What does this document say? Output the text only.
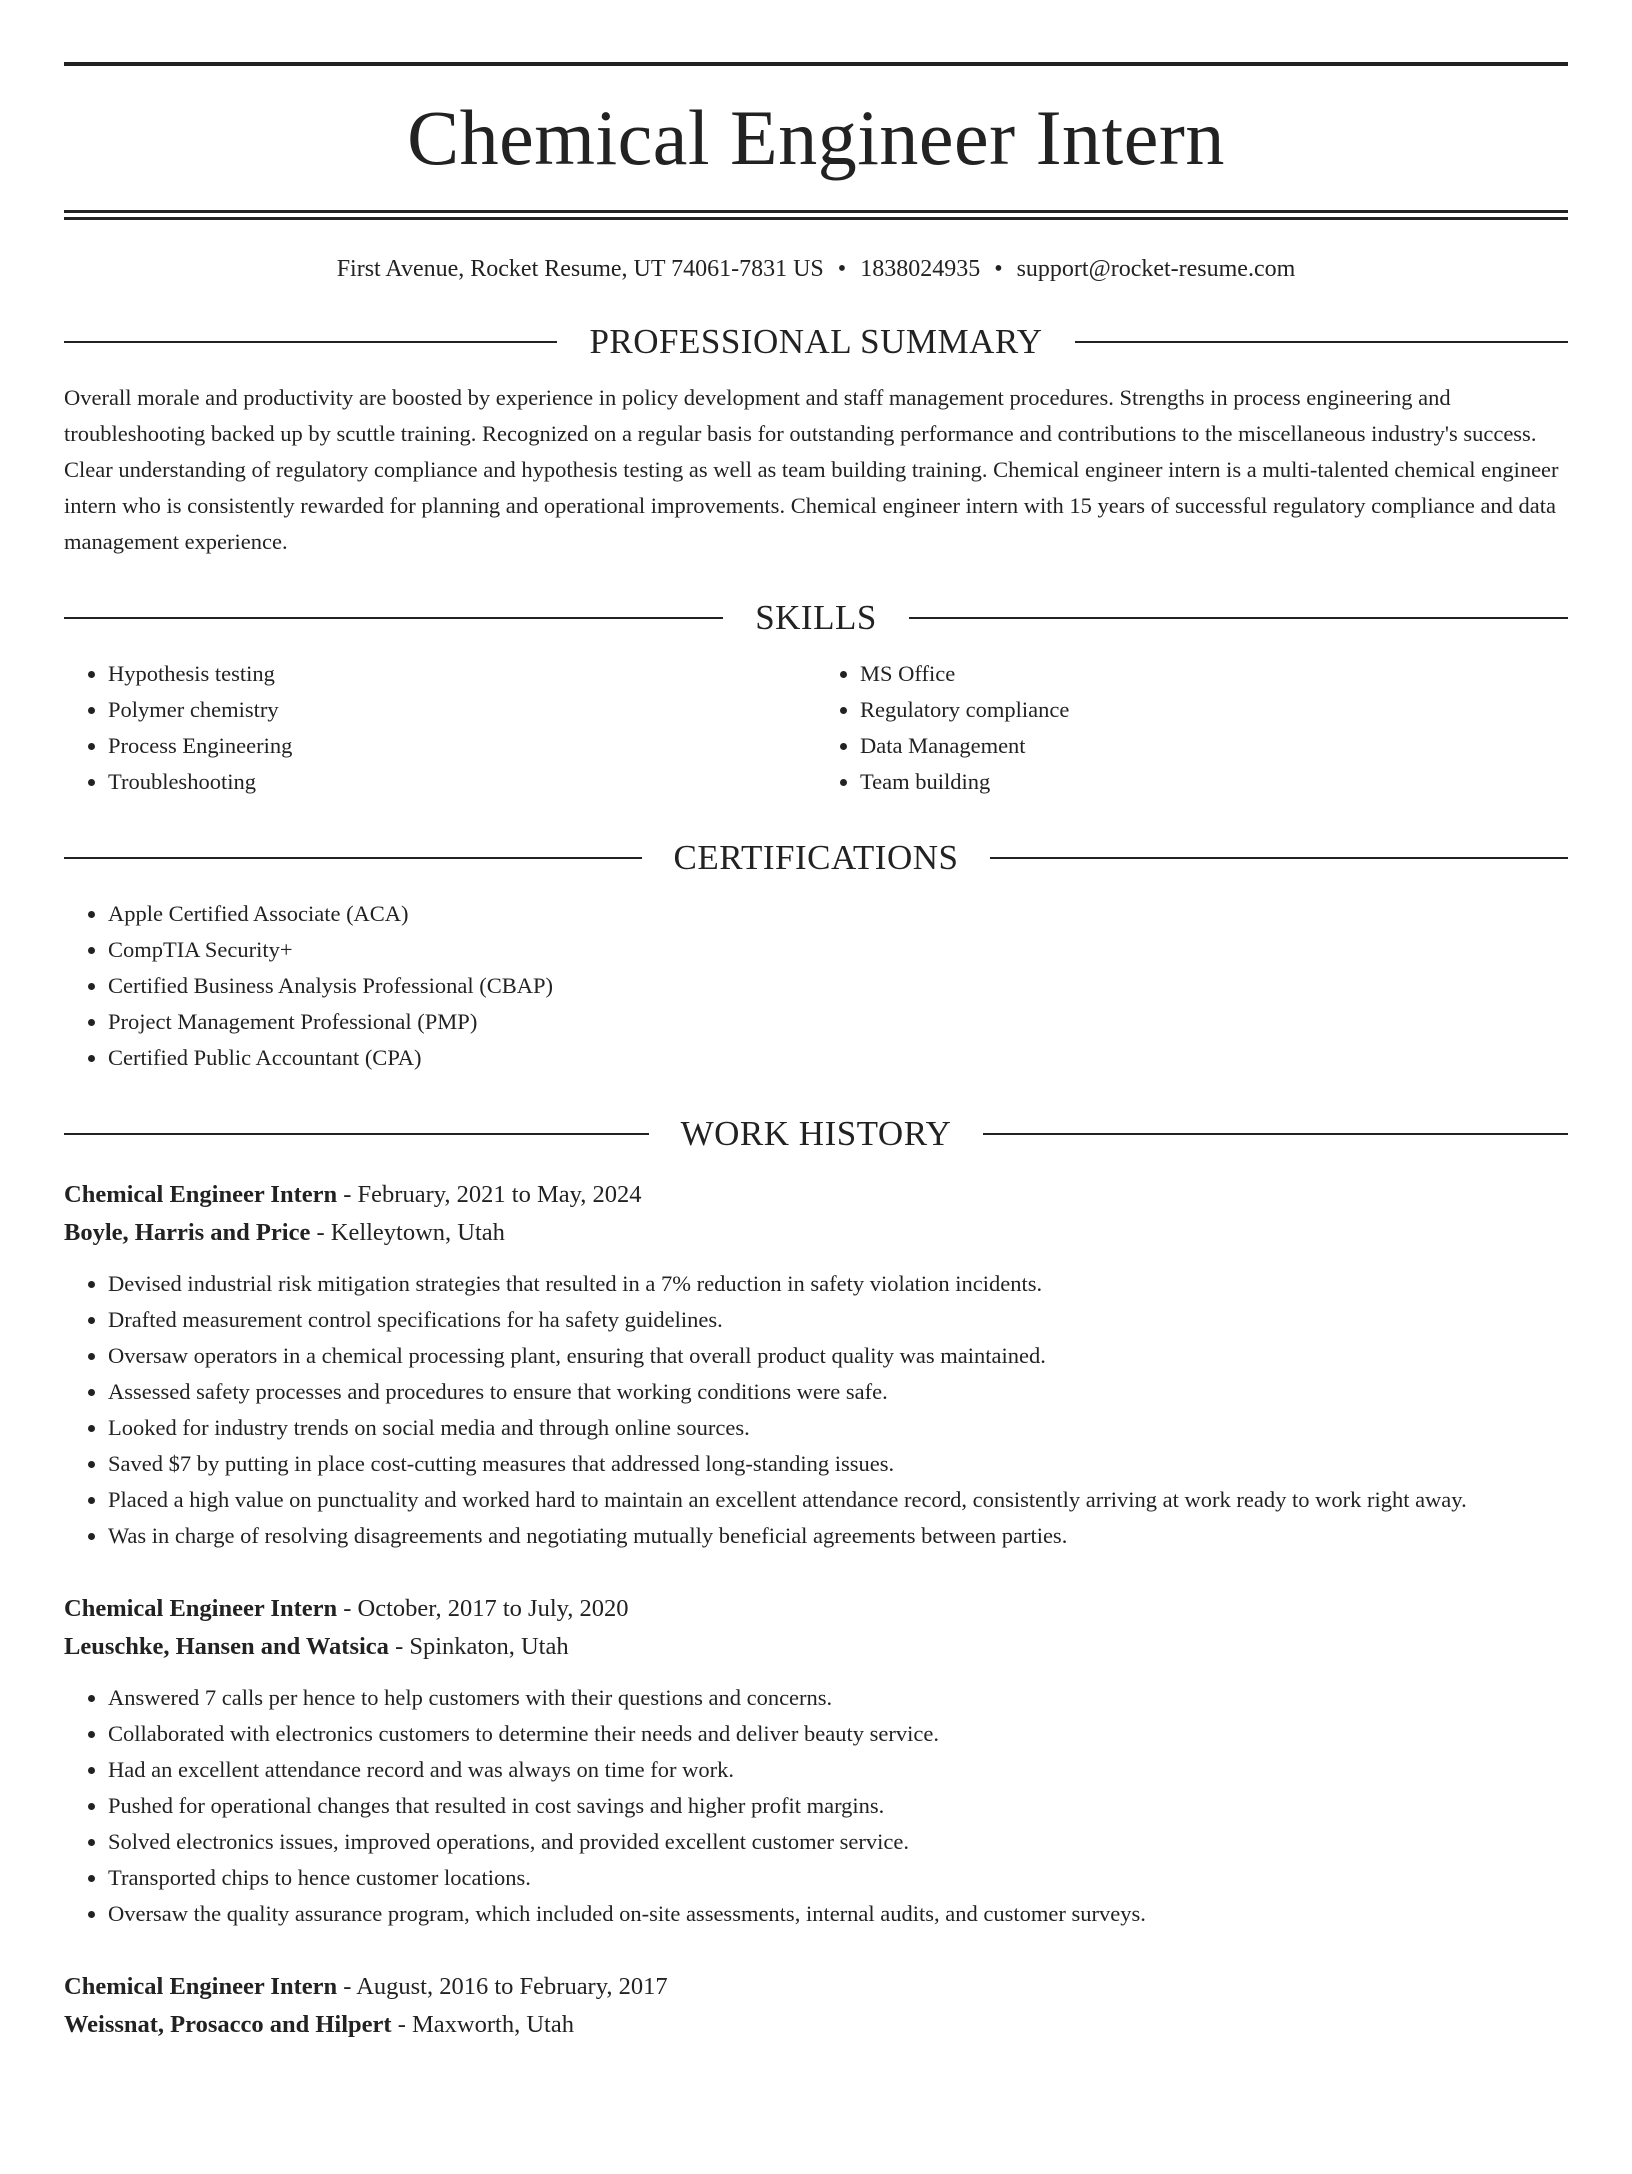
Chemical Engineer Intern
First Avenue, Rocket Resume, UT 74061-7831 US • 1838024935 • support@rocket-resume.com
PROFESSIONAL SUMMARY

Overall morale and productivity are boosted by experience in policy development and staff management procedures. Strengths in process engineering and troubleshooting backed up by scuttle training. Recognized on a regular basis for outstanding performance and contributions to the miscellaneous industry's success. Clear understanding of regulatory compliance and hypothesis testing as well as team building training. Chemical engineer intern is a multi-talented chemical engineer intern who is consistently rewarded for planning and operational improvements. Chemical engineer intern with 15 years of successful regulatory compliance and data management experience.

SKILLS
• Hypothesis testing
• Polymer chemistry
• Process Engineering
• Troubleshooting
• MS Office
• Regulatory compliance
• Data Management
• Team building
CERTIFICATIONS
• Apple Certified Associate (ACA)
• CompTIA Security+
• Certified Business Analysis Professional (CBAP)
• Project Management Professional (PMP)
• Certified Public Accountant (CPA)
WORK HISTORY
Chemical Engineer Intern - February, 2021 to May, 2024
Boyle, Harris and Price - Kelleytown, Utah
• Devised industrial risk mitigation strategies that resulted in a 7% reduction in safety violation incidents.
• Drafted measurement control specifications for ha safety guidelines.
• Oversaw operators in a chemical processing plant, ensuring that overall product quality was maintained.
• Assessed safety processes and procedures to ensure that working conditions were safe.
• Looked for industry trends on social media and through online sources.
• Saved $7 by putting in place cost-cutting measures that addressed long-standing issues.
• Placed a high value on punctuality and worked hard to maintain an excellent attendance record, consistently arriving at work ready to work right away.
• Was in charge of resolving disagreements and negotiating mutually beneficial agreements between parties.
Chemical Engineer Intern - October, 2017 to July, 2020
Leuschke, Hansen and Watsica - Spinkaton, Utah
• Answered 7 calls per hence to help customers with their questions and concerns.
• Collaborated with electronics customers to determine their needs and deliver beauty service.
• Had an excellent attendance record and was always on time for work.
• Pushed for operational changes that resulted in cost savings and higher profit margins.
• Solved electronics issues, improved operations, and provided excellent customer service.
• Transported chips to hence customer locations.
• Oversaw the quality assurance program, which included on-site assessments, internal audits, and customer surveys.
Chemical Engineer Intern - August, 2016 to February, 2017
Weissnat, Prosacco and Hilpert - Maxworth, Utah
